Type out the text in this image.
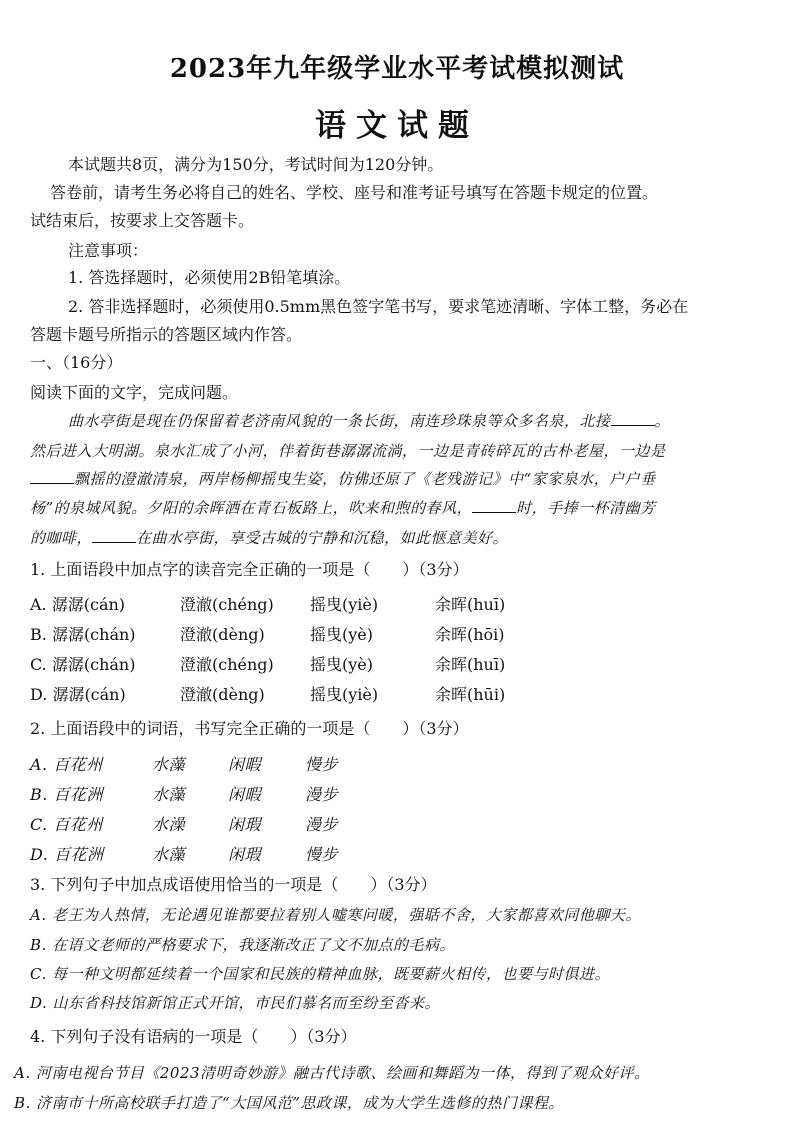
2023年九年级学业水平考试模拟测试
语文试题
本试题共8页，满分为150分，考试时间为120分钟。
答卷前，请考生务必将自己的姓名、学校、座号和准考证号填写在答题卡规定的位置。
试结束后，按要求上交答题卡。
注意事项：
1. 答选择题时，必须使用2B铅笔填涂。
2. 答非选择题时，必须使用0.5mm黑色签字笔书写，要求笔迹清晰、字体工整，务必在
答题卡题号所指示的答题区域内作答。
一、（16分）
阅读下面的文字，完成问题。
曲水亭街是现在仍保留着老济南风貌的一条长街，南连珍珠泉等众多名泉，北接	。
然后进入大明湖。泉水汇成了小河，伴着街巷潺潺流淌，一边是青砖碎瓦的古朴老屋，一边是
飘摇的澄澈清泉，两岸杨柳摇曳生姿，仿佛还原了《老残游记》中“家家泉水，户户垂
杨”的泉城风貌。夕阳的余晖洒在青石板路上，吹来和煦的春风，	时，手捧一杯清幽芳
的咖啡，	在曲水亭街，享受古城的宁静和沉稳，如此惬意美好。
1. 上面语段中加点字的读音完全正确的一项是（　　）（3分）
A. 潺潺(cán)	澄澈(chéng) 摇曳(yiè)	余晖(huī)
B. 潺潺(chán)	澄澈(dèng)	摇曳(yè)	余晖(hōi)
C. 潺潺(chán)	澄澈(chéng) 摇曳(yè)	余晖(huī)
D. 潺潺(cán)	澄澈(dèng)	摇曳(yiè)	余晖(hūi)
2. 上面语段中的词语，书写完全正确的一项是（　　）（3分）
A. 百花州	水藻	闲暇	慢步
B. 百花洲	水藻	闲暇	漫步
C. 百花州	水澡	闲瑕	漫步
D. 百花洲	水藻	闲瑕	慢步
3. 下列句子中加点成语使用恰当的一项是（　　）（3分）
A. 老王为人热情，无论遇见谁都要拉着别人嘘寒问暖，强聒不舍，大家都喜欢同他聊天。
B. 在语文老师的严格要求下，我逐渐改正了文不加点的毛病。
C. 每一种文明都延续着一个国家和民族的精神血脉，既要薪火相传，也要与时俱进。
D. 山东省科技馆新馆正式开馆，市民们慕名而至纷至沓来。
4. 下列句子没有语病的一项是（　　）（3分）
A. 河南电视台节目《2023清明奇妙游》融古代诗歌、绘画和舞蹈为一体，得到了观众好评。
B. 济南市十所高校联手打造了“大国风范”思政课，成为大学生选修的热门课程。
